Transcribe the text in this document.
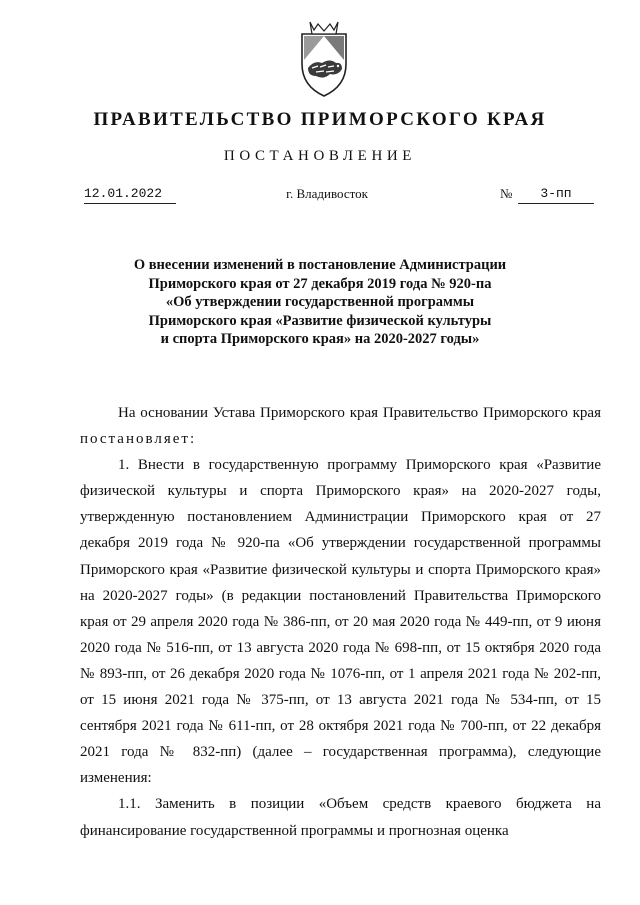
ПРАВИТЕЛЬСТВО ПРИМОРСКОГО КРАЯ
ПОСТАНОВЛЕНИЕ
12.01.2022	г. Владивосток	№	3-пп
О внесении изменений в постановление Администрации
Приморского края от 27 декабря 2019 года № 920-па
«Об утверждении государственной программы
Приморского края «Развитие физической культуры
и спорта Приморского края» на 2020-2027 годы»

На основании Устава Приморского края Правительство Приморского края постановляет:

1. Внести в государственную программу Приморского края «Развитие физической культуры и спорта Приморского края» на 2020-2027 годы, утвержденную постановлением Администрации Приморского края от 27 декабря 2019 года № 920-па «Об утверждении государственной программы Приморского края «Развитие физической культуры и спорта Приморского края» на 2020-2027 годы» (в редакции постановлений Правительства Приморского края от 29 апреля 2020 года № 386-пп, от 20 мая 2020 года № 449-пп, от 9 июня 2020 года № 516-пп, от 13 августа 2020 года № 698-пп, от 15 октября 2020 года № 893-пп, от 26 декабря 2020 года № 1076-пп, от 1 апреля 2021 года № 202-пп, от 15 июня 2021 года № 375-пп, от 13 августа 2021 года № 534-пп, от 15 сентября 2021 года № 611-пп, от 28 октября 2021 года № 700-пп, от 22 декабря 2021 года № 832-пп) (далее – государственная программа), следующие изменения:

1.1. Заменить в позиции «Объем средств краевого бюджета на финансирование государственной программы и прогнозная оценка
